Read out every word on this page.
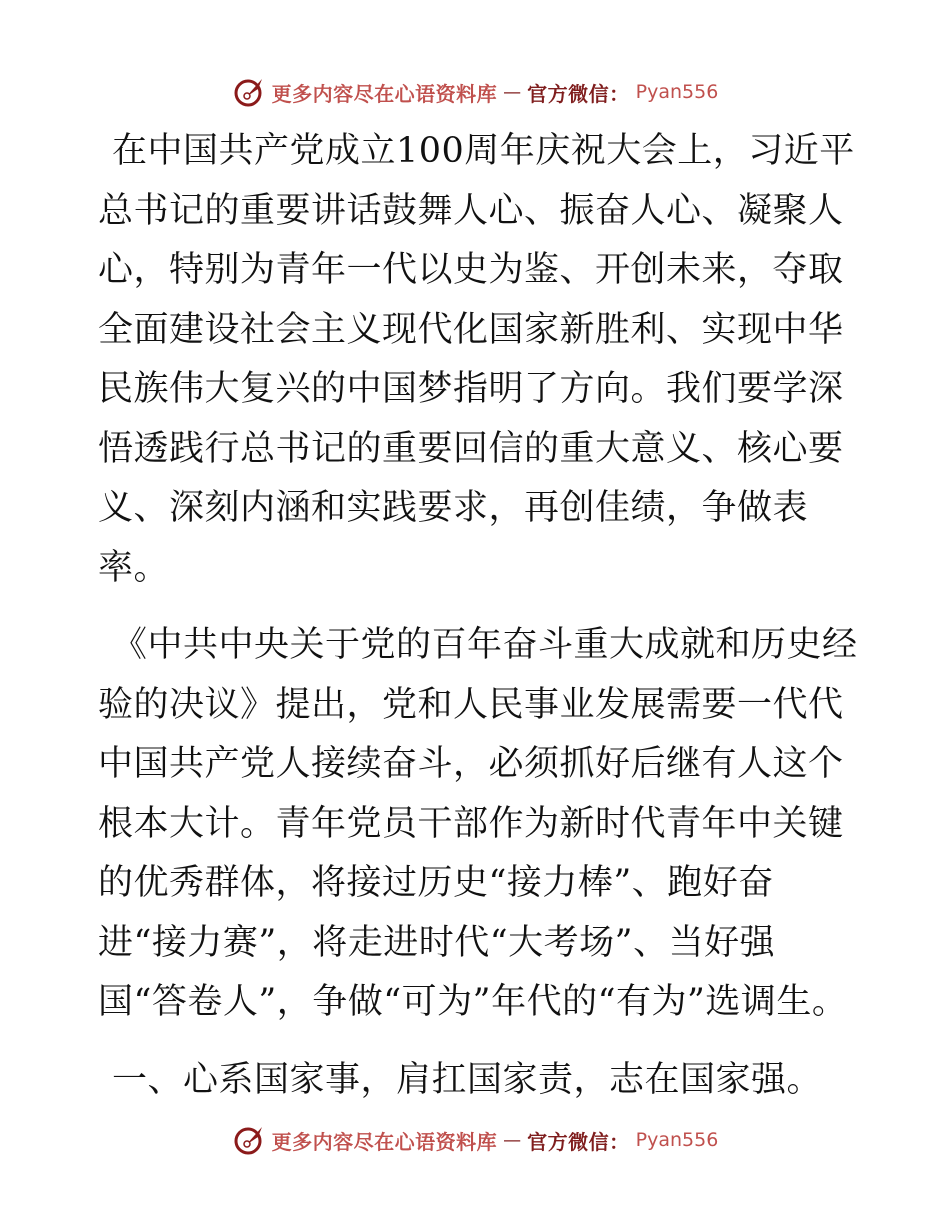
更多内容尽在心语资料库 — 官方微信： Pyan556

在中国共产党成立100周年庆祝大会上，习近平总书记的重要讲话鼓舞人心、振奋人心、凝聚人心，特别为青年一代以史为鉴、开创未来，夺取全面建设社会主义现代化国家新胜利、实现中华民族伟大复兴的中国梦指明了方向。我们要学深悟透践行总书记的重要回信的重大意义、核心要义、深刻内涵和实践要求，再创佳绩，争做表率。

《中共中央关于党的百年奋斗重大成就和历史经验的决议》提出，党和人民事业发展需要一代代中国共产党人接续奋斗，必须抓好后继有人这个根本大计。青年党员干部作为新时代青年中关键的优秀群体，将接过历史“接力棒”、跑好奋进“接力赛”，将走进时代“大考场”、当好强国“答卷人”，争做“可为”年代的“有为”选调生。

一、心系国家事，肩扛国家责，志在国家强。

更多内容尽在心语资料库 — 官方微信： Pyan556
